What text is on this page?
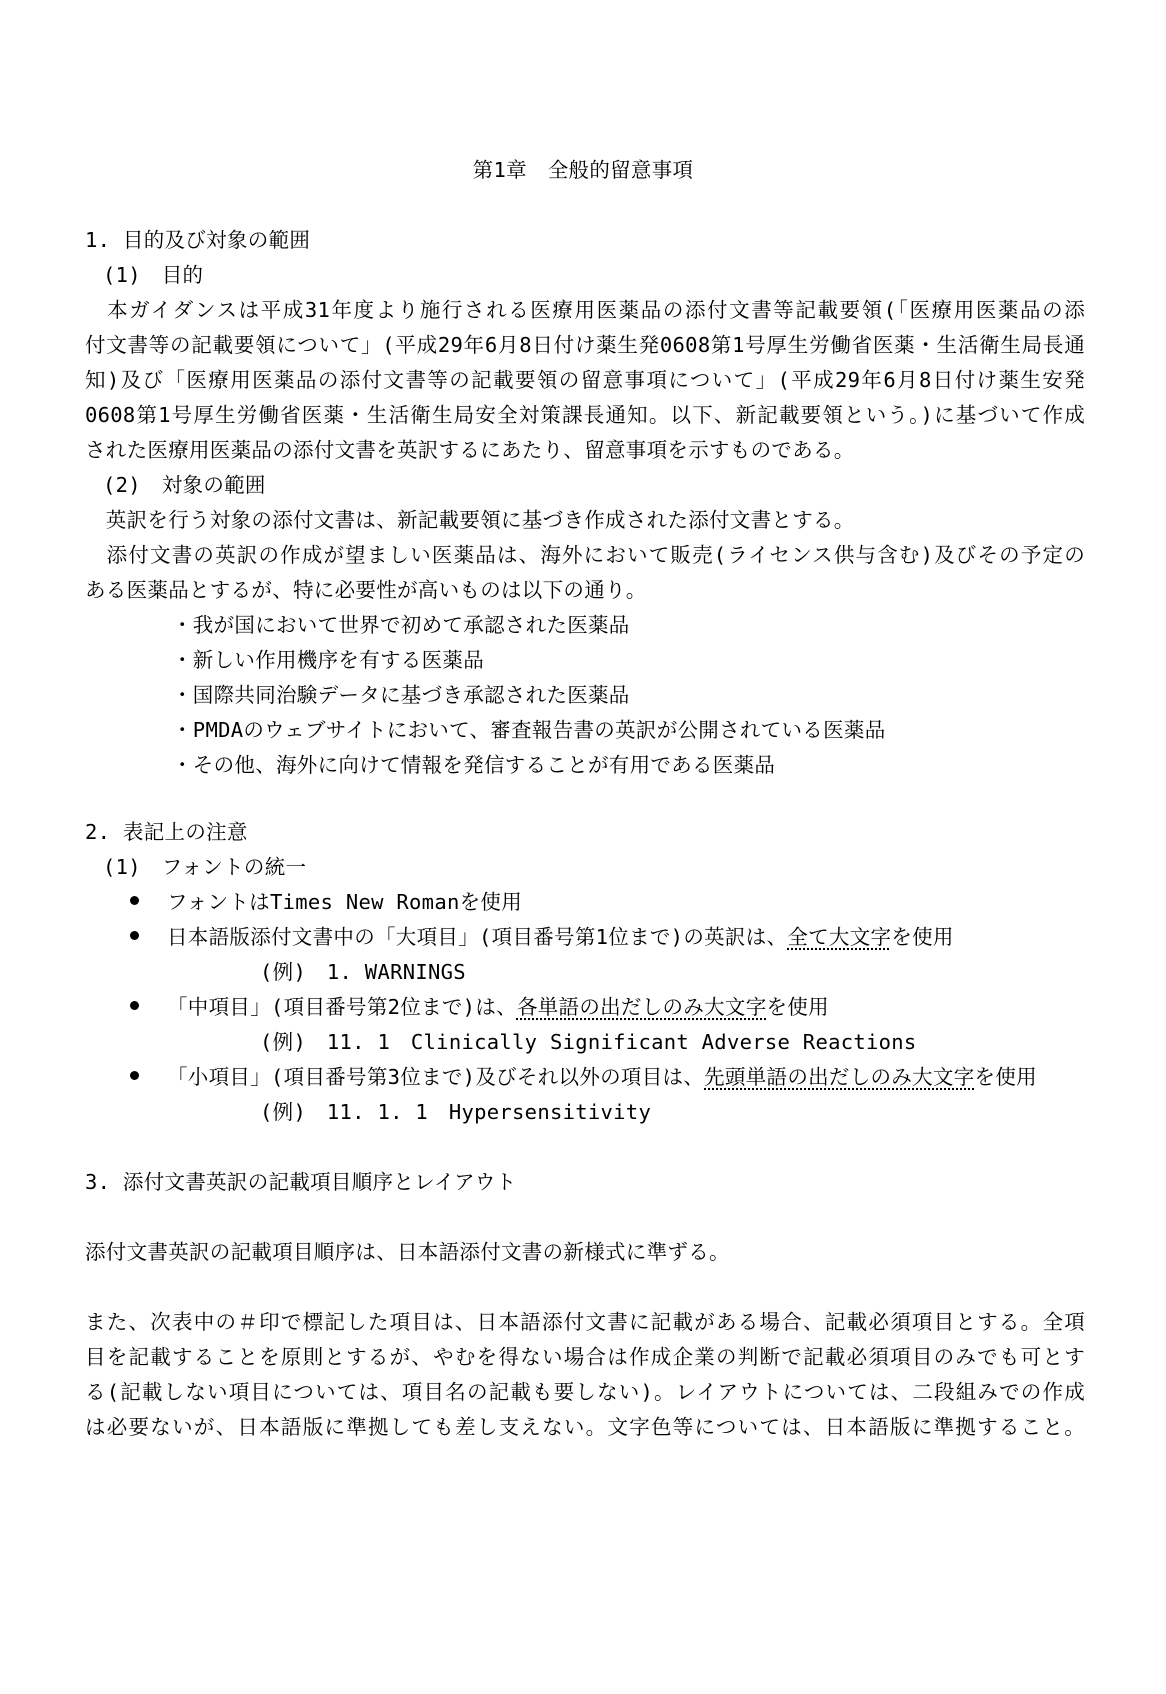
第1章　全般的留意事項
1. 目的及び対象の範囲
(1)　目的
　本ガイダンスは平成31年度より施行される医療用医薬品の添付文書等記載要領(「医療用医薬品の添
付文書等の記載要領について」(平成29年6月8日付け薬生発0608第1号厚生労働省医薬・生活衛生局長通
知)及び「医療用医薬品の添付文書等の記載要領の留意事項について」(平成29年6月8日付け薬生安発
0608第1号厚生労働省医薬・生活衛生局安全対策課長通知。以下、新記載要領という。)に基づいて作成
された医療用医薬品の添付文書を英訳するにあたり、留意事項を示すものである。
(2)　対象の範囲
　英訳を行う対象の添付文書は、新記載要領に基づき作成された添付文書とする。
　添付文書の英訳の作成が望ましい医薬品は、海外において販売(ライセンス供与含む)及びその予定の
ある医薬品とするが、特に必要性が高いものは以下の通り。
・我が国において世界で初めて承認された医薬品
・新しい作用機序を有する医薬品
・国際共同治験データに基づき承認された医薬品
・PMDAのウェブサイトにおいて、審査報告書の英訳が公開されている医薬品
・その他、海外に向けて情報を発信することが有用である医薬品
2. 表記上の注意
(1)　フォントの統一
フォントはTimes New Romanを使用
日本語版添付文書中の「大項目」(項目番号第1位まで)の英訳は、全て大文字を使用
(例)　1. WARNINGS
「中項目」(項目番号第2位まで)は、各単語の出だしのみ大文字を使用
(例)　11. 1　Clinically Significant Adverse Reactions
「小項目」(項目番号第3位まで)及びそれ以外の項目は、先頭単語の出だしのみ大文字を使用
(例)　11. 1. 1　Hypersensitivity
3. 添付文書英訳の記載項目順序とレイアウト
添付文書英訳の記載項目順序は、日本語添付文書の新様式に準ずる。
また、次表中の＃印で標記した項目は、日本語添付文書に記載がある場合、記載必須項目とする。全項
目を記載することを原則とするが、やむを得ない場合は作成企業の判断で記載必須項目のみでも可とす
る(記載しない項目については、項目名の記載も要しない)。レイアウトについては、二段組みでの作成
は必要ないが、日本語版に準拠しても差し支えない。文字色等については、日本語版に準拠すること。
